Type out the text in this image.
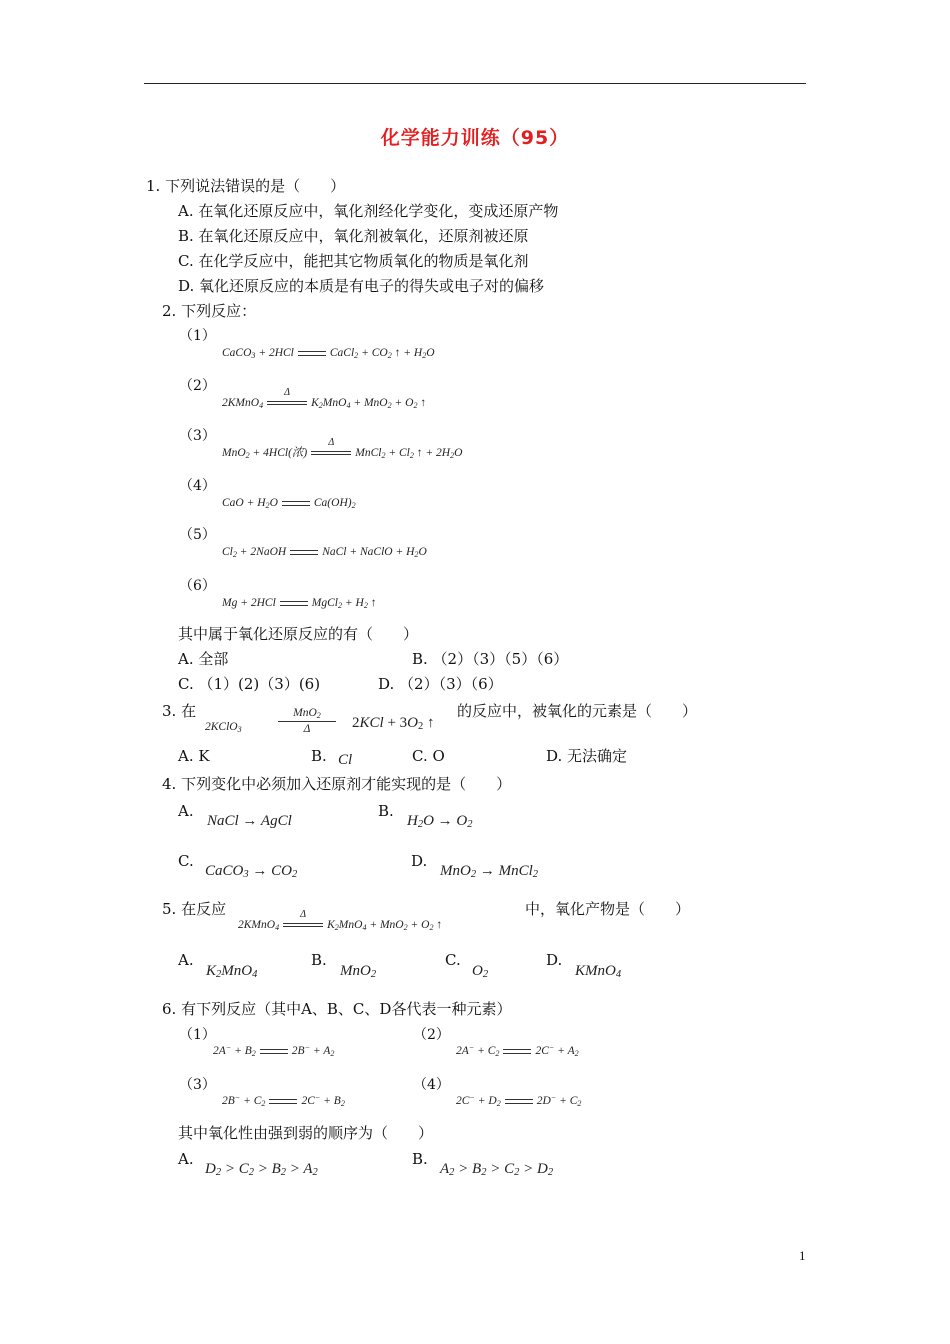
化学能力训练（95）
1. 下列说法错误的是（　　）
A. 在氧化还原反应中，氧化剂经化学变化，变成还原产物
B. 在氧化还原反应中，氧化剂被氧化，还原剂被还原
C. 在化学反应中，能把其它物质氧化的物质是氧化剂
D. 氧化还原反应的本质是有电子的得失或电子对的偏移
2. 下列反应：
（1）
CaCO$_3$ + 2HCl	CaCl$_2$ + $CO_2$ ↑ + $H_2O$
（2）
2KMnO$_4$
Δ
$K_2MnO_4 + MnO_2 + O_2$ ↑
（3）
MnO$_2$ + 4HCl(浓)
Δ
MnCl$_2$ + $Cl_2$ ↑ + $2H_2O$
（4）
CaO + $H_2O$	$Ca(OH)_2$
（5）
$Cl_2$ + 2NaOH	NaCl + NaClO + $H_2O$
（6）
Mg + 2HCl	MgCl$_2$ + $H_2$ ↑
其中属于氧化还原反应的有（　　）
A. 全部	B. （2）（3）（5）（6）
C. （1）(2)（3）(6)	D. （2）（3）（6）
3. 在
2KClO$_3$
MnO$_2$
Δ	$2KCl + 3O_2$ ↑
的反应中，被氧化的元素是（　　）
A. K	B. Cl	C. O	D. 无法确定
4. 下列变化中必须加入还原剂才能实现的是（　　）
A.
NaCl → AgCl
B.
$H_2O \to O_2$
C.
CaCO$_3$ → $CO_2$
D.
MnO$_2$ → MnCl$_2$
5. 在反应
2KMnO$_4$
Δ
$K_2MnO_4 + MnO_2 + O_2$ ↑
中，氧化产物是（　　）
A.
$K_2MnO_4$
B.
MnO$_2$
C.
$O_2$
D.
KMnO$_4$
6. 有下列反应（其中A、B、C、D各代表一种元素）
（1）
$2A^- + B_2$	$2B^- + A_2$
（2）
$2A^- + C_2$	$2C^- + A_2$
（3）
$2B^- + C_2$	$2C^- + B_2$
（4）
$2C^- + D_2$	$2D^- + C_2$
其中氧化性由强到弱的顺序为（　　）
A.
$D_2 > C_2 > B_2 > A_2$
B.
$A_2 > B_2 > C_2 > D_2$
1
